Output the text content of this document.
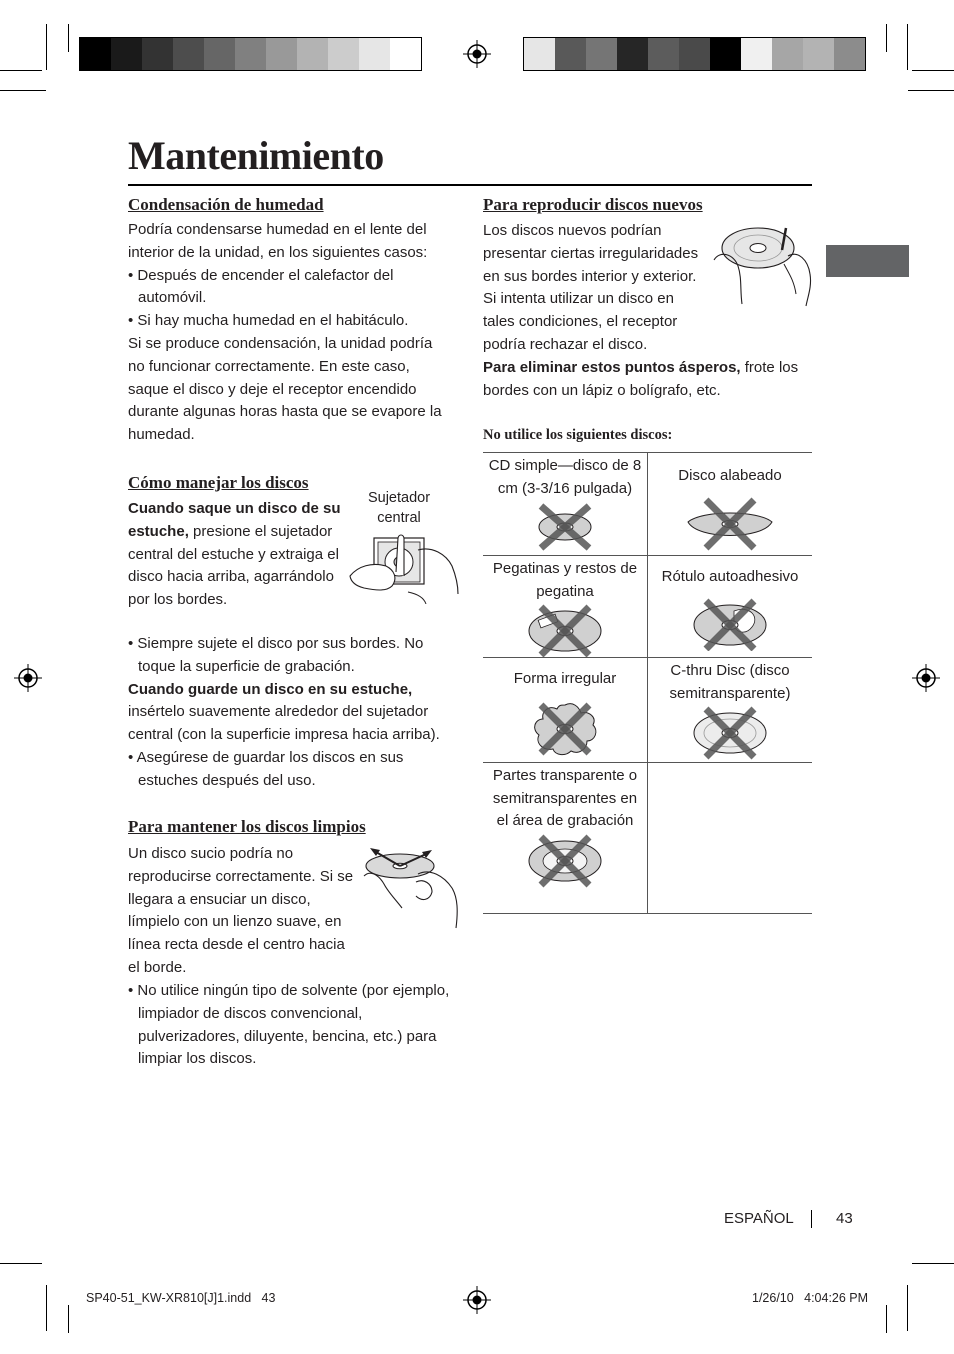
Mantenimiento
Condensación de humedad

Podría condensarse humedad en el lente del interior de la unidad, en los siguientes casos:

• Después de encender el calefactor del automóvil.

• Si hay mucha humedad en el habitáculo.

Si se produce condensación, la unidad podría no funcionar correctamente. En este caso, saque el disco y deje el receptor encendido durante algunas horas hasta que se evapore la humedad.

Cómo manejar los discos
Sujetador central

Cuando saque un disco de su estuche, presione el sujetador central del estuche y extraiga el disco hacia arriba, agarrándolo por los bordes.

• Siempre sujete el disco por sus bordes. No toque la superficie de grabación.

Cuando guarde un disco en su estuche, insértelo suavemente alrededor del sujetador central (con la superficie impresa hacia arriba).

• Asegúrese de guardar los discos en sus estuches después del uso.

Para mantener los discos limpios
Un disco sucio podría no reproducirse correctamente. Si se llegara a ensuciar un disco, límpielo con un lienzo suave, en línea recta desde el centro hacia el borde.
• No utilice ningún tipo de solvente (por ejemplo, limpiador de discos convencional, pulverizadores, diluyente, bencina, etc.) para limpiar los discos.
Para reproducir discos nuevos
Los discos nuevos podrían presentar ciertas irregularidades en sus bordes interior y exterior. Si intenta utilizar un disco en tales condiciones, el receptor podría rechazar el disco.

Para eliminar estos puntos ásperos, frote los bordes con un lápiz o bolígrafo, etc.

No utilice los siguientes discos:
CD simple—disco de 8 cm (3-3/16 pulgada)	Disco alabeado

Pegatinas y restos de pegatina	Rótulo autoadhesivo

Forma irregular	C-thru Disc (disco semitransparente)

Partes transparente o semitransparentes en el área de grabación	

ESPAÑOL	43
SP40-51_KW-XR810[J]1.indd   43	1/26/10   4:04:26 PM
